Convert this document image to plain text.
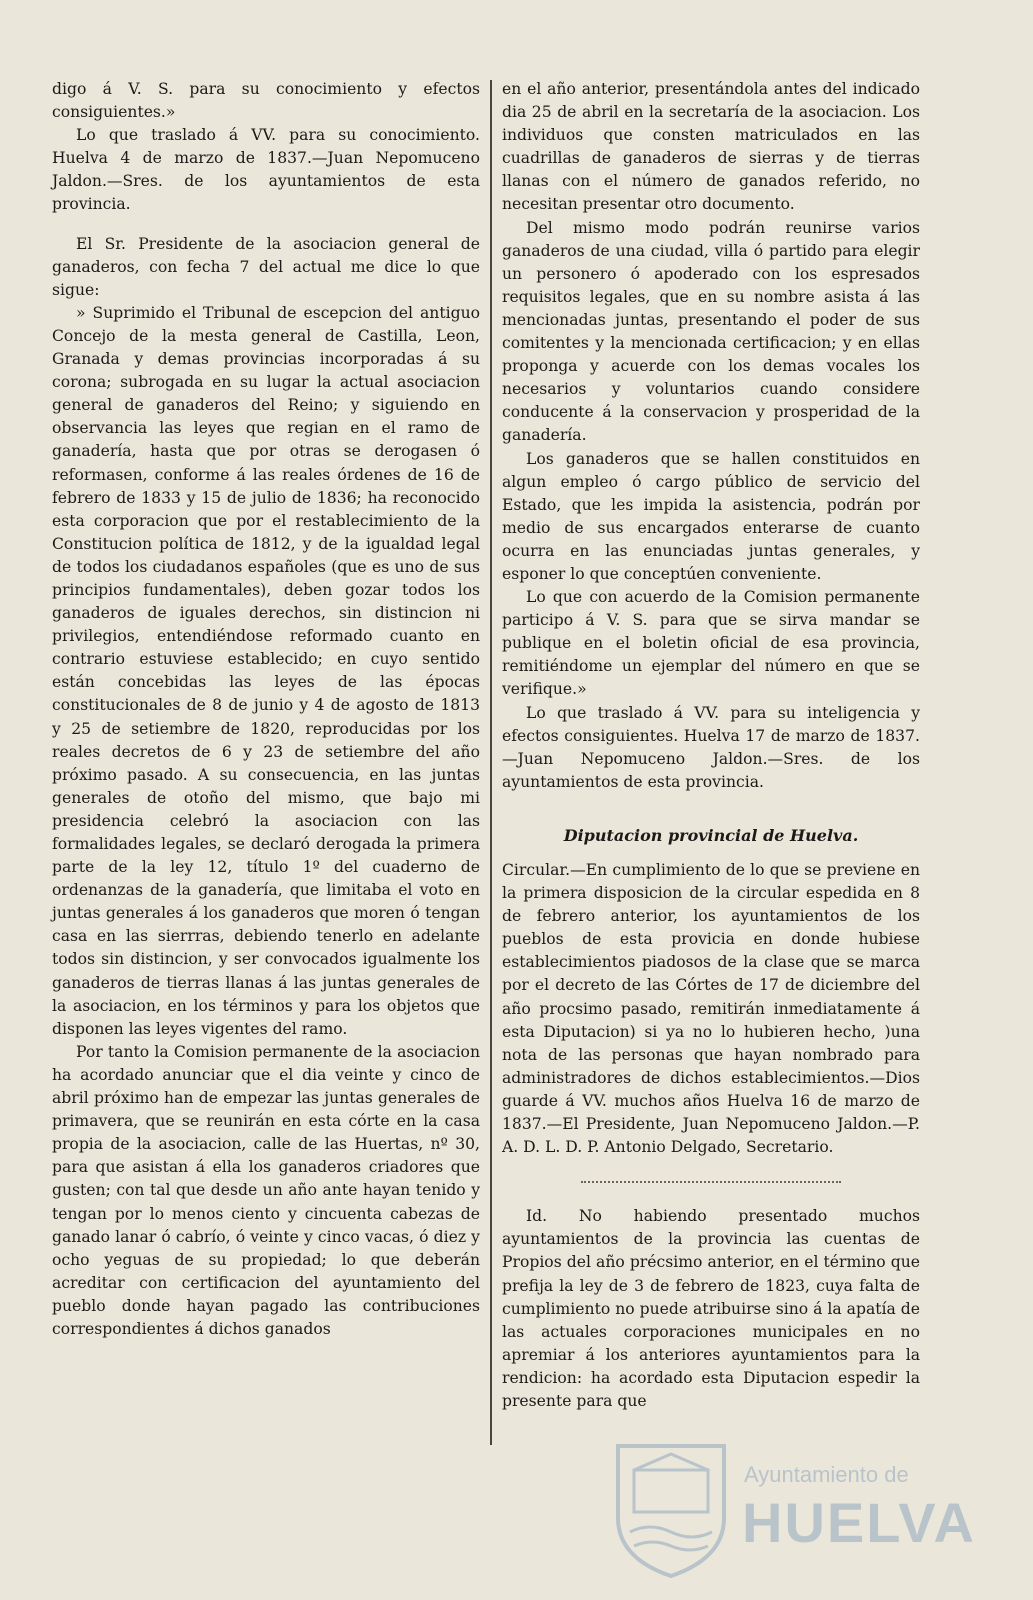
digo á V. S. para su conocimiento y efectos consiguientes.»

Lo que traslado á VV. para su conocimiento. Huelva 4 de marzo de 1837.—Juan Nepomuceno Jaldon.—Sres. de los ayuntamientos de esta provincia.

El Sr. Presidente de la asociacion general de ganaderos, con fecha 7 del actual me dice lo que sigue:

» Suprimido el Tribunal de escepcion del antiguo Concejo de la mesta general de Castilla, Leon, Granada y demas provincias incorporadas á su corona; subrogada en su lugar la actual asociacion general de ganaderos del Reino; y siguiendo en observancia las leyes que regian en el ramo de ganadería, hasta que por otras se derogasen ó reformasen, conforme á las reales órdenes de 16 de febrero de 1833 y 15 de julio de 1836; ha reconocido esta corporacion que por el restablecimiento de la Constitucion política de 1812, y de la igualdad legal de todos los ciudadanos españoles (que es uno de sus principios fundamentales), deben gozar todos los ganaderos de iguales derechos, sin distincion ni privilegios, entendiéndose reformado cuanto en contrario estuviese establecido; en cuyo sentido están concebidas las leyes de las épocas constitucionales de 8 de junio y 4 de agosto de 1813 y 25 de setiembre de 1820, reproducidas por los reales decretos de 6 y 23 de setiembre del año próximo pasado. A su consecuencia, en las juntas generales de otoño del mismo, que bajo mi presidencia celebró la asociacion con las formalidades legales, se declaró derogada la primera parte de la ley 12, título 1º del cuaderno de ordenanzas de la ganadería, que limitaba el voto en juntas generales á los ganaderos que moren ó tengan casa en las sierrras, debiendo tenerlo en adelante todos sin distincion, y ser convocados igualmente los ganaderos de tierras llanas á las juntas generales de la asociacion, en los términos y para los objetos que disponen las leyes vigentes del ramo.

Por tanto la Comision permanente de la asociacion ha acordado anunciar que el dia veinte y cinco de abril próximo han de empezar las juntas generales de primavera, que se reunirán en esta córte en la casa propia de la asociacion, calle de las Huertas, nº 30, para que asistan á ella los ganaderos criadores que gusten; con tal que desde un año ante hayan tenido y tengan por lo menos ciento y cincuenta cabezas de ganado lanar ó cabrío, ó veinte y cinco vacas, ó diez y ocho yeguas de su propiedad; lo que deberán acreditar con certificacion del ayuntamiento del pueblo donde hayan pagado las contribuciones correspondientes á dichos ganados

en el año anterior, presentándola antes del indicado dia 25 de abril en la secretaría de la asociacion. Los individuos que consten matriculados en las cuadrillas de ganaderos de sierras y de tierras llanas con el número de ganados referido, no necesitan presentar otro documento.

Del mismo modo podrán reunirse varios ganaderos de una ciudad, villa ó partido para elegir un personero ó apoderado con los espresados requisitos legales, que en su nombre asista á las mencionadas juntas, presentando el poder de sus comitentes y la mencionada certificacion; y en ellas proponga y acuerde con los demas vocales los necesarios y voluntarios cuando considere conducente á la conservacion y prosperidad de la ganadería.

Los ganaderos que se hallen constituidos en algun empleo ó cargo público de servicio del Estado, que les impida la asistencia, podrán por medio de sus encargados enterarse de cuanto ocurra en las enunciadas juntas generales, y esponer lo que conceptúen conveniente.

Lo que con acuerdo de la Comision permanente participo á V. S. para que se sirva mandar se publique en el boletin oficial de esa provincia, remitiéndome un ejemplar del número en que se verifique.»

Lo que traslado á VV. para su inteligencia y efectos consiguientes. Huelva 17 de marzo de 1837.—Juan Nepomuceno Jaldon.—Sres. de los ayuntamientos de esta provincia.

Diputacion provincial de Huelva.

Circular.—En cumplimiento de lo que se previene en la primera disposicion de la circular espedida en 8 de febrero anterior, los ayuntamientos de los pueblos de esta provicia en donde hubiese establecimientos piadosos de la clase que se marca por el decreto de las Córtes de 17 de diciembre del año procsimo pasado, remitirán inmediatamente á esta Diputacion) si ya no lo hubieren hecho, )una nota de las personas que hayan nombrado para administradores de dichos establecimientos.—Dios guarde á VV. muchos años Huelva 16 de marzo de 1837.—El Presidente, Juan Nepomuceno Jaldon.—P. A. D. L. D. P. Antonio Delgado, Secretario.

Id. No habiendo presentado muchos ayuntamientos de la provincia las cuentas de Propios del año précsimo anterior, en el término que prefija la ley de 3 de febrero de 1823, cuya falta de cumplimiento no puede atribuirse sino á la apatía de las actuales corporaciones municipales en no apremiar á los anteriores ayuntamientos para la rendicion: ha acordado esta Diputacion espedir la presente para que

Ayuntamiento de
HUELVA
